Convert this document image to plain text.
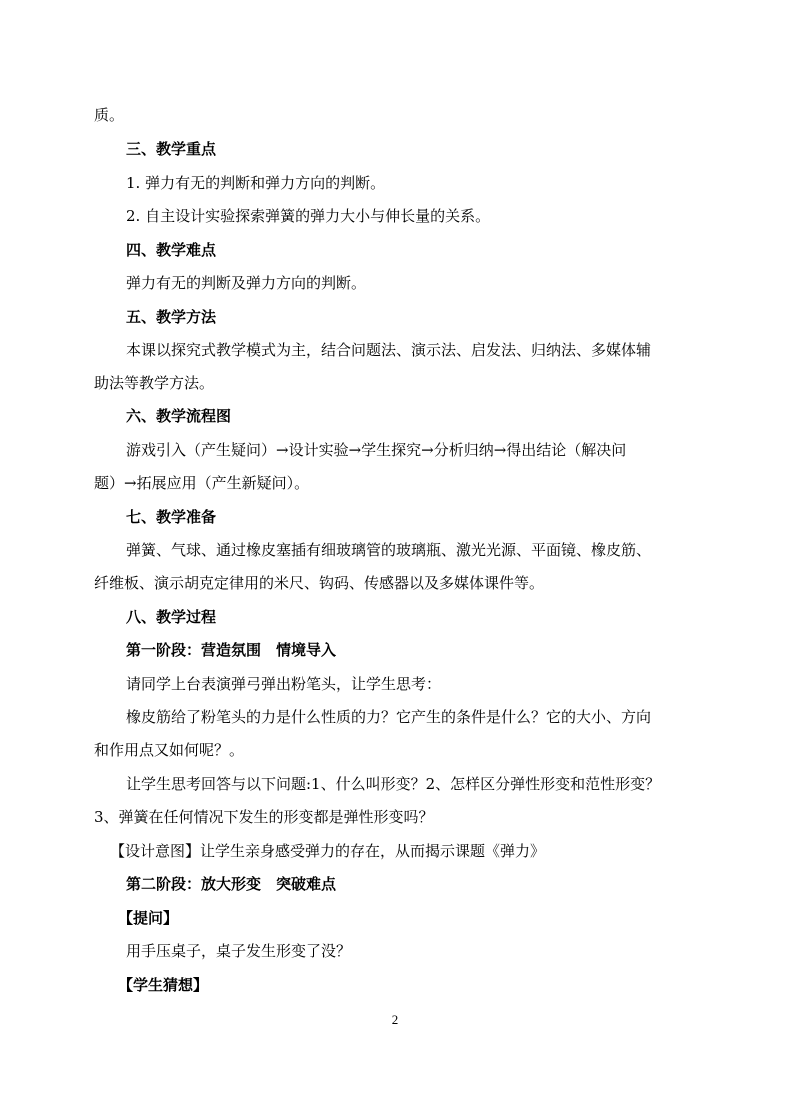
质。
三、教学重点
1. 弹力有无的判断和弹力方向的判断。
2. 自主设计实验探索弹簧的弹力大小与伸长量的关系。
四、教学难点
弹力有无的判断及弹力方向的判断。
五、教学方法
本课以探究式教学模式为主，结合问题法、演示法、启发法、归纳法、多媒体辅
助法等教学方法。
六、教学流程图
游戏引入（产生疑问）→设计实验→学生探究→分析归纳→得出结论（解决问
题）→拓展应用（产生新疑问）。
七、教学准备
弹簧、气球、通过橡皮塞插有细玻璃管的玻璃瓶、激光光源、平面镜、橡皮筋、
纤维板、演示胡克定律用的米尺、钩码、传感器以及多媒体课件等。
八、教学过程
第一阶段：营造氛围　情境导入
请同学上台表演弹弓弹出粉笔头，让学生思考：
橡皮筋给了粉笔头的力是什么性质的力？它产生的条件是什么？它的大小、方向
和作用点又如何呢？。
让学生思考回答与以下问题:1、什么叫形变？2、怎样区分弹性形变和范性形变？
3、弹簧在任何情况下发生的形变都是弹性形变吗？
【设计意图】让学生亲身感受弹力的存在，从而揭示课题《弹力》
第二阶段：放大形变　突破难点
【提问】
用手压桌子，桌子发生形变了没？
【学生猜想】
2
